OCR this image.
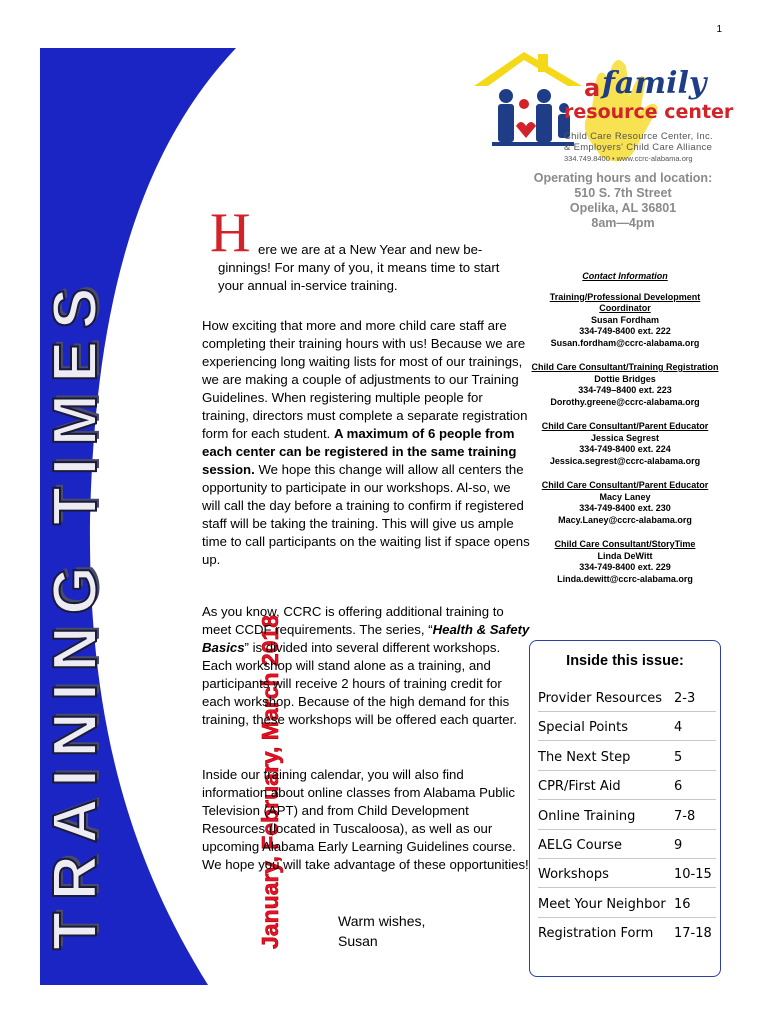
1
TRAINING TIMES	January, February, March 2018
a family
resource center
Child Care Resource Center, Inc.
& Employers' Child Care Alliance
334.749.8400 • www.ccrc-alabama.org
Operating hours and location:
510 S. 7th Street
Opelika, AL 36801
8am—4pm
H ere we are at a New Year and new be-
ginnings! For many of you, it means time to start your annual in-service training.
How exciting that more and more child care staff are completing their training hours with us! Because we are experiencing long waiting lists for most of our trainings, we are making a couple of adjustments to our Training Guidelines. When registering multiple people for training, directors must complete a separate registration form for each student. A maximum of 6 people from each center can be registered in the same training session. We hope this change will allow all centers the opportunity to participate in our workshops. Al-so, we will call the day before a training to confirm if registered staff will be taking the training. This will give us ample time to call participants on the waiting list if space opens up.
As you know, CCRC is offering additional training to meet CCDF requirements. The series, “Health & Safety Basics” is divided into several different workshops. Each workshop will stand alone as a training, and participants will receive 2 hours of training credit for each workshop. Because of the high demand for this training, these workshops will be offered each quarter.
Inside our training calendar, you will also find information about online classes from Alabama Public Television (APT) and from Child Development Resources (located in Tuscaloosa), as well as our upcoming Alabama Early Learning Guidelines course. We hope you will take advantage of these opportunities!
Warm wishes,
Susan
Contact Information
Training/Professional Development Coordinator
Susan Fordham
334-749-8400 ext. 222
Susan.fordham@ccrc-alabama.org
Child Care Consultant/Training Registration
Dottie Bridges
334-749–8400 ext. 223
Dorothy.greene@ccrc-alabama.org
Child Care Consultant/Parent Educator
Jessica Segrest
334-749-8400 ext. 224
Jessica.segrest@ccrc-alabama.org
Child Care Consultant/Parent Educator
Macy Laney
334-749-8400 ext. 230
Macy.Laney@ccrc-alabama.org
Child Care Consultant/StoryTime
Linda DeWitt
334-749-8400 ext. 229
Linda.dewitt@ccrc-alabama.org
Inside this issue:
Provider Resources 2-3
Special Points	4
The Next Step	5
CPR/First Aid	6
Online Training	7-8
AELG Course	9
Workshops	10-15
Meet Your Neighbor 16
Registration Form 17-18
